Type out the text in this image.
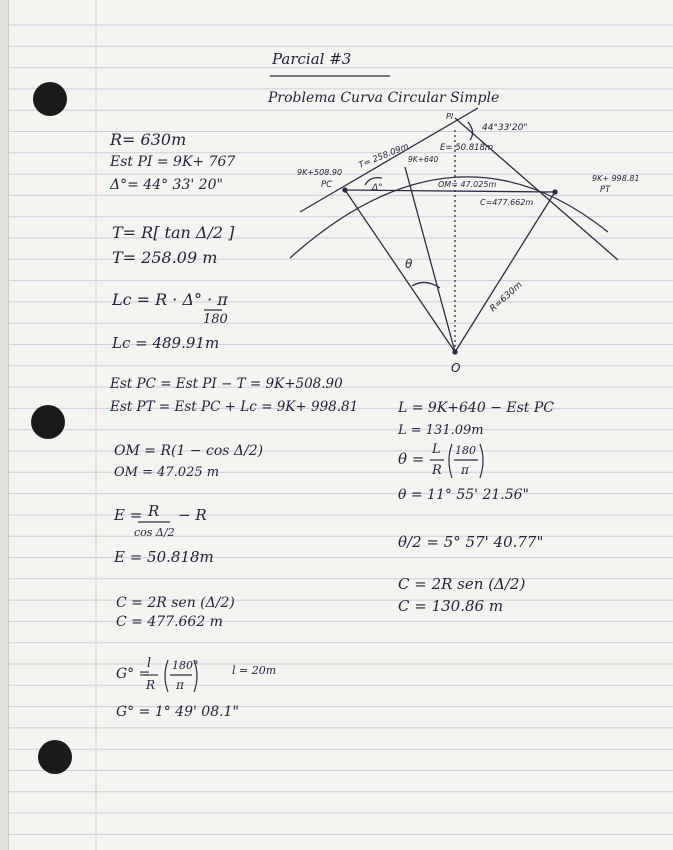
PI
44°33'20"
T= 258.09m	E= 50.818m
9K+640
9K+508.90
PC	Δ°	OM= 47.025m
C=477.662m
9K+ 998.81
PT
θ
R=630m
O
Parcial #3
Problema Curva Circular Simple
R= 630m
Est PI = 9K+ 767
Δ°= 44° 33' 20"
T= R[ tan Δ/2 ]
T= 258.09 m
Lc = R · Δ° · π
180
Lc = 489.91m
Est PC = Est PI − T = 9K+508.90
Est PT = Est PC + Lc = 9K+ 998.81
OM = R(1 − cos Δ/2)
OM = 47.025 m
E = R − R
cos Δ/2
E = 50.818m
C = 2R sen (Δ/2)
C = 477.662 m
G° =
l
R
180°
π
l = 20m
G° = 1° 49' 08.1"
L = 9K+640 − Est PC
L = 131.09m
θ =
L
R
180
π
θ = 11° 55' 21.56"
θ/2 = 5° 57' 40.77"
C = 2R sen (Δ/2)
C = 130.86 m
